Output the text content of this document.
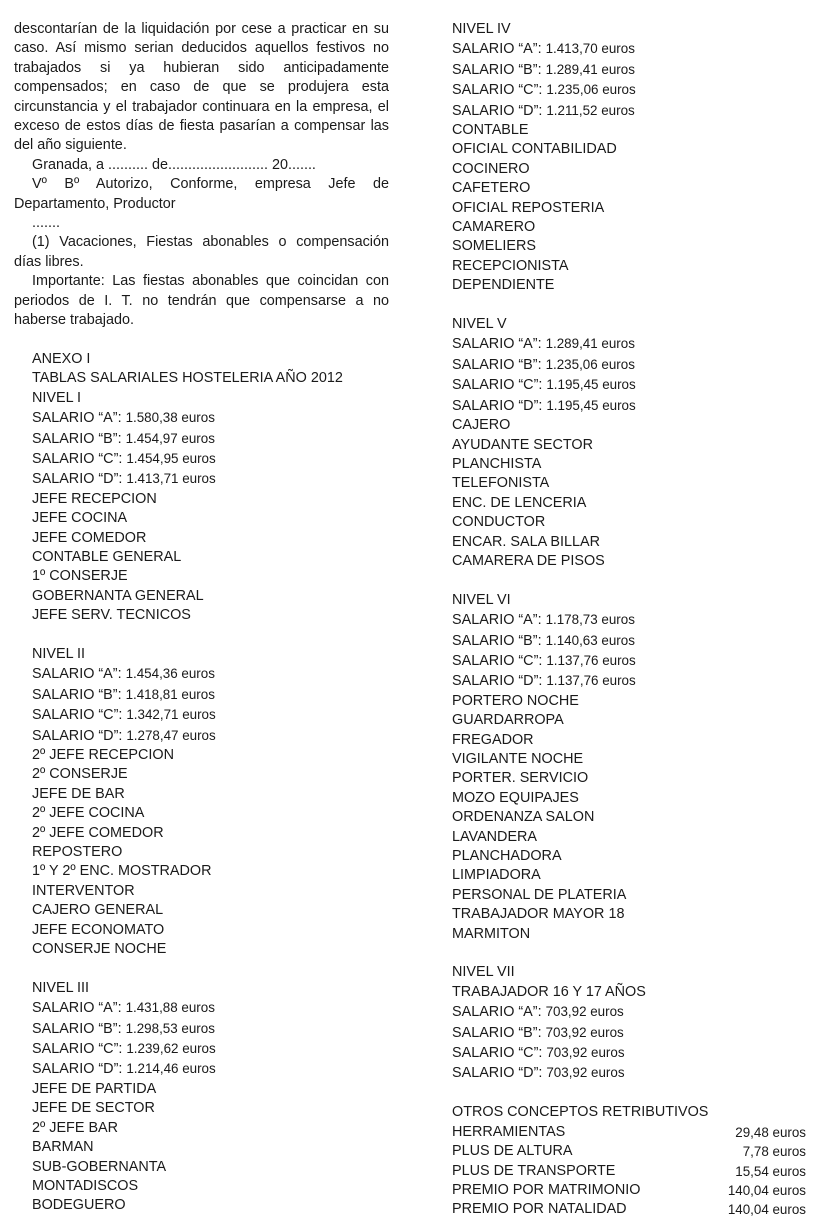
descontarían de la liquidación por cese a practicar en su caso. Así mismo serian deducidos aquellos festivos no trabajados si ya hubieran sido anticipadamente compensados; en caso de que se produjera esta circunstancia y el trabajador continuara en la empresa, el exceso de estos días de fiesta pasarían a compensar las del año siguiente.

Granada, a .......... de......................... 20.......

Vº Bº Autorizo, Conforme, empresa Jefe de Departamento, Productor

.......

(1) Vacaciones, Fiestas abonables o compensación días libres.

Importante: Las fiestas abonables que coincidan con periodos de I. T. no tendrán que compensarse a no haberse trabajado.

ANEXO I
TABLAS SALARIALES HOSTELERIA AÑO 2012
NIVEL I
SALARIO “A”: 1.580,38 euros
SALARIO “B”: 1.454,97 euros
SALARIO “C”: 1.454,95 euros
SALARIO “D”: 1.413,71 euros
JEFE RECEPCION
JEFE COCINA
JEFE COMEDOR
CONTABLE GENERAL
1º CONSERJE
GOBERNANTA GENERAL
JEFE SERV. TECNICOS
NIVEL II
SALARIO “A”: 1.454,36 euros
SALARIO “B”: 1.418,81 euros
SALARIO “C”: 1.342,71 euros
SALARIO “D”: 1.278,47 euros
2º JEFE RECEPCION
2º CONSERJE
JEFE DE BAR
2º JEFE COCINA
2º JEFE COMEDOR
REPOSTERO
1º Y 2º ENC. MOSTRADOR
INTERVENTOR
CAJERO GENERAL
JEFE ECONOMATO
CONSERJE NOCHE
NIVEL III
SALARIO “A”: 1.431,88 euros
SALARIO “B”: 1.298,53 euros
SALARIO “C”: 1.239,62 euros
SALARIO “D”: 1.214,46 euros
JEFE DE PARTIDA
JEFE DE SECTOR
2º JEFE BAR
BARMAN
SUB-GOBERNANTA
MONTADISCOS
BODEGUERO
NIVEL IV
SALARIO “A”: 1.413,70 euros
SALARIO “B”: 1.289,41 euros
SALARIO “C”: 1.235,06 euros
SALARIO “D”: 1.211,52 euros
CONTABLE
OFICIAL CONTABILIDAD
COCINERO
CAFETERO
OFICIAL REPOSTERIA
CAMARERO
SOMELIERS
RECEPCIONISTA
DEPENDIENTE
NIVEL V
SALARIO “A”: 1.289,41 euros
SALARIO “B”: 1.235,06 euros
SALARIO “C”: 1.195,45 euros
SALARIO “D”: 1.195,45 euros
CAJERO
AYUDANTE SECTOR
PLANCHISTA
TELEFONISTA
ENC. DE LENCERIA
CONDUCTOR
ENCAR. SALA BILLAR
CAMARERA DE PISOS
NIVEL VI
SALARIO “A”: 1.178,73 euros
SALARIO “B”: 1.140,63 euros
SALARIO “C”: 1.137,76 euros
SALARIO “D”: 1.137,76 euros
PORTERO NOCHE
GUARDARROPA
FREGADOR
VIGILANTE NOCHE
PORTER. SERVICIO
MOZO EQUIPAJES
ORDENANZA SALON
LAVANDERA
PLANCHADORA
LIMPIADORA
PERSONAL DE PLATERIA
TRABAJADOR MAYOR 18
MARMITON
NIVEL VII
TRABAJADOR 16 Y 17 AÑOS
SALARIO “A”: 703,92 euros
SALARIO “B”: 703,92 euros
SALARIO “C”: 703,92 euros
SALARIO “D”: 703,92 euros
OTROS CONCEPTOS RETRIBUTIVOS
HERRAMIENTAS	29,48 euros
PLUS DE ALTURA	7,78 euros
PLUS DE TRANSPORTE	15,54 euros
PREMIO POR MATRIMONIO	140,04 euros
PREMIO POR NATALIDAD	140,04 euros
